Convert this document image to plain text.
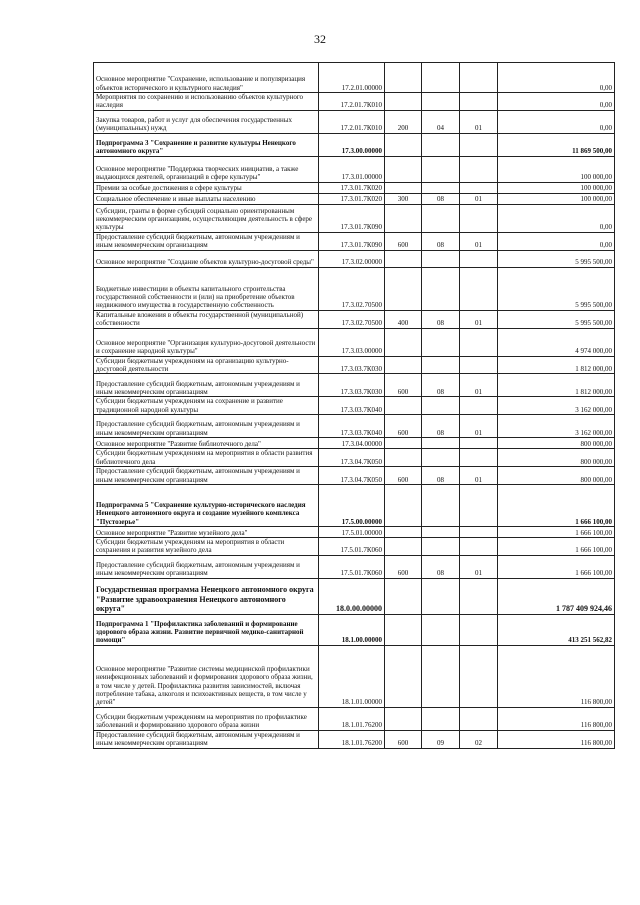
32
Основное мероприятие "Сохранение, использование и популяризация объектов исторического и культурного наследия"	17.2.01.00000				0,00
Мероприятия по сохранению и использованию объектов культурного наследия	17.2.01.7К010				0,00
Закупка товаров, работ и услуг для обеспечения государственных (муниципальных) нужд	17.2.01.7К010	200	04	01	0,00
Подпрограмма 3 "Сохранение и развитие культуры Ненецкого автономного округа"	17.3.00.00000				11 869 500,00
Основное мероприятие "Поддержка творческих инициатив, а также выдающихся деятелей, организаций в сфере культуры"	17.3.01.00000				100 000,00
Премии за особые достижения в сфере культуры	17.3.01.7К020				100 000,00
Социальное обеспечение и иные выплаты населению	17.3.01.7К020	300	08	01	100 000,00
Субсидии, гранты в форме субсидий социально ориентированным некоммерческим организациям, осуществляющим деятельность в сфере культуры	17.3.01.7К090				0,00
Предоставление субсидий бюджетным, автономным учреждениям и иным некоммерческим организациям	17.3.01.7К090	600	08	01	0,00
Основное мероприятие "Создание объектов культурно-досуговой среды"	17.3.02.00000				5 995 500,00
Бюджетные инвестиции в объекты капитального строительства государственной собственности и (или) на приобретение объектов недвижимого имущества в государственную собственность	17.3.02.70500				5 995 500,00
Капитальные вложения в объекты государственной (муниципальной) собственности	17.3.02.70500	400	08	01	5 995 500,00
Основное мероприятие "Организация культурно-досуговой деятельности и сохранение народной культуры"	17.3.03.00000				4 974 000,00
Субсидии бюджетным учреждениям на организацию культурно-досуговой деятельности	17.3.03.7К030				1 812 000,00
Предоставление субсидий бюджетным, автономным учреждениям и иным некоммерческим организациям	17.3.03.7К030	600	08	01	1 812 000,00
Субсидии бюджетным учреждениям на сохранение и развитие традиционной народной культуры	17.3.03.7К040				3 162 000,00
Предоставление субсидий бюджетным, автономным учреждениям и иным некоммерческим организациям	17.3.03.7К040	600	08	01	3 162 000,00
Основное мероприятие "Развитие библиотечного дела"	17.3.04.00000				800 000,00
Субсидии бюджетным учреждениям на мероприятия в области развития библиотечного дела	17.3.04.7К050				800 000,00
Предоставление субсидий бюджетным, автономным учреждениям и иным некоммерческим организациям	17.3.04.7К050	600	08	01	800 000,00
Подпрограмма 5 "Сохранение культурно-исторического наследия Ненецкого автономного округа и создание музейного комплекса "Пустозерье"	17.5.00.00000				1 666 100,00
Основное мероприятие "Развитие музейного дела"	17.5.01.00000				1 666 100,00
Субсидии бюджетным учреждениям на мероприятия в области сохранения и развития музейного дела	17.5.01.7К060				1 666 100,00
Предоставление субсидий бюджетным, автономным учреждениям и иным некоммерческим организациям	17.5.01.7К060	600	08	01	1 666 100,00
Государственная программа Ненецкого автономного округа "Развитие здравоохранения Ненецкого автономного округа"	18.0.00.00000				1 787 409 924,46
Подпрограмма 1 "Профилактика заболеваний и формирование здорового образа жизни. Развитие первичной медико-санитарной помощи"	18.1.00.00000				413 251 562,82
Основное мероприятие "Развитие системы медицинской профилактики неинфекционных заболеваний и формирования здорового образа жизни, в том числе у детей. Профилактика развития зависимостей, включая потребление табака, алкоголя и психоактивных веществ, в том числе у детей"	18.1.01.00000				116 800,00
Субсидии бюджетным учреждениям на мероприятия по профилактике заболеваний и формированию здорового образа жизни	18.1.01.76200				116 800,00
Предоставление субсидий бюджетным, автономным учреждениям и иным некоммерческим организациям	18.1.01.76200	600	09	02	116 800,00
